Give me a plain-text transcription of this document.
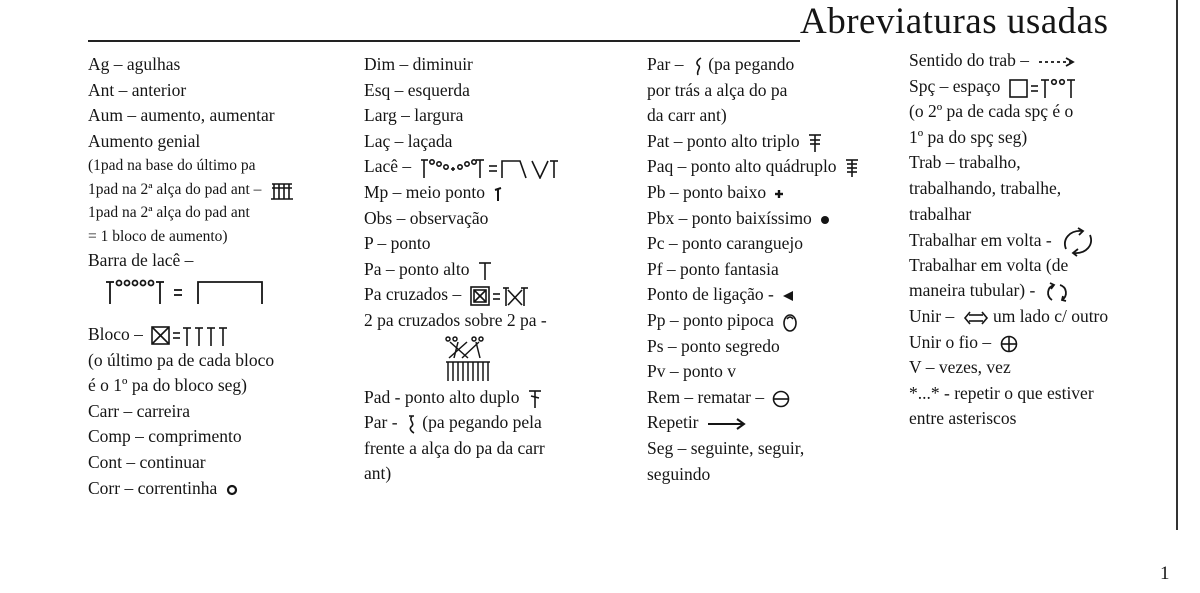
Abreviaturas usadas
1
Ag – agulhas
Ant – anterior
Aum – aumento, aumentar
Aumento genial
(1pad na base do último pa
1pad na 2ª alça do pad ant –
1pad na 2ª alça do pad ant
= 1 bloco de aumento)
Barra de lacê –
Bloco –
(o último pa de cada bloco
é o 1º pa do bloco seg)
Carr – carreira
Comp – comprimento
Cont – continuar
Corr – correntinha
Dim – diminuir
Esq – esquerda
Larg – largura
Laç – laçada
Lacê –
Mp – meio ponto
Obs – observação
P – ponto
Pa – ponto alto
Pa cruzados –
2 pa cruzados sobre 2 pa -
Pad - ponto alto duplo
Par - (pa pegando pela
frente a alça do pa da carr
ant)
Par – (pa pegando
por trás a alça do pa
da carr ant)
Pat – ponto alto triplo
Paq – ponto alto quádruplo
Pb – ponto baixo
Pbx – ponto baixíssimo
Pc – ponto caranguejo
Pf – ponto fantasia
Ponto de ligação -
Pp – ponto pipoca
Ps – ponto segredo
Pv – ponto v
Rem – rematar –
Repetir
Seg – seguinte, seguir,
seguindo
Sentido do trab –
Spç – espaço
(o 2º pa de cada spç é o
1º pa do spç seg)
Trab – trabalho,
trabalhando, trabalhe,
trabalhar
Trabalhar em volta -
Trabalhar em volta (de
maneira tubular) -
Unir – um lado c/ outro
Unir o fio –
V – vezes, vez
*...* - repetir o que estiver
entre asteriscos
